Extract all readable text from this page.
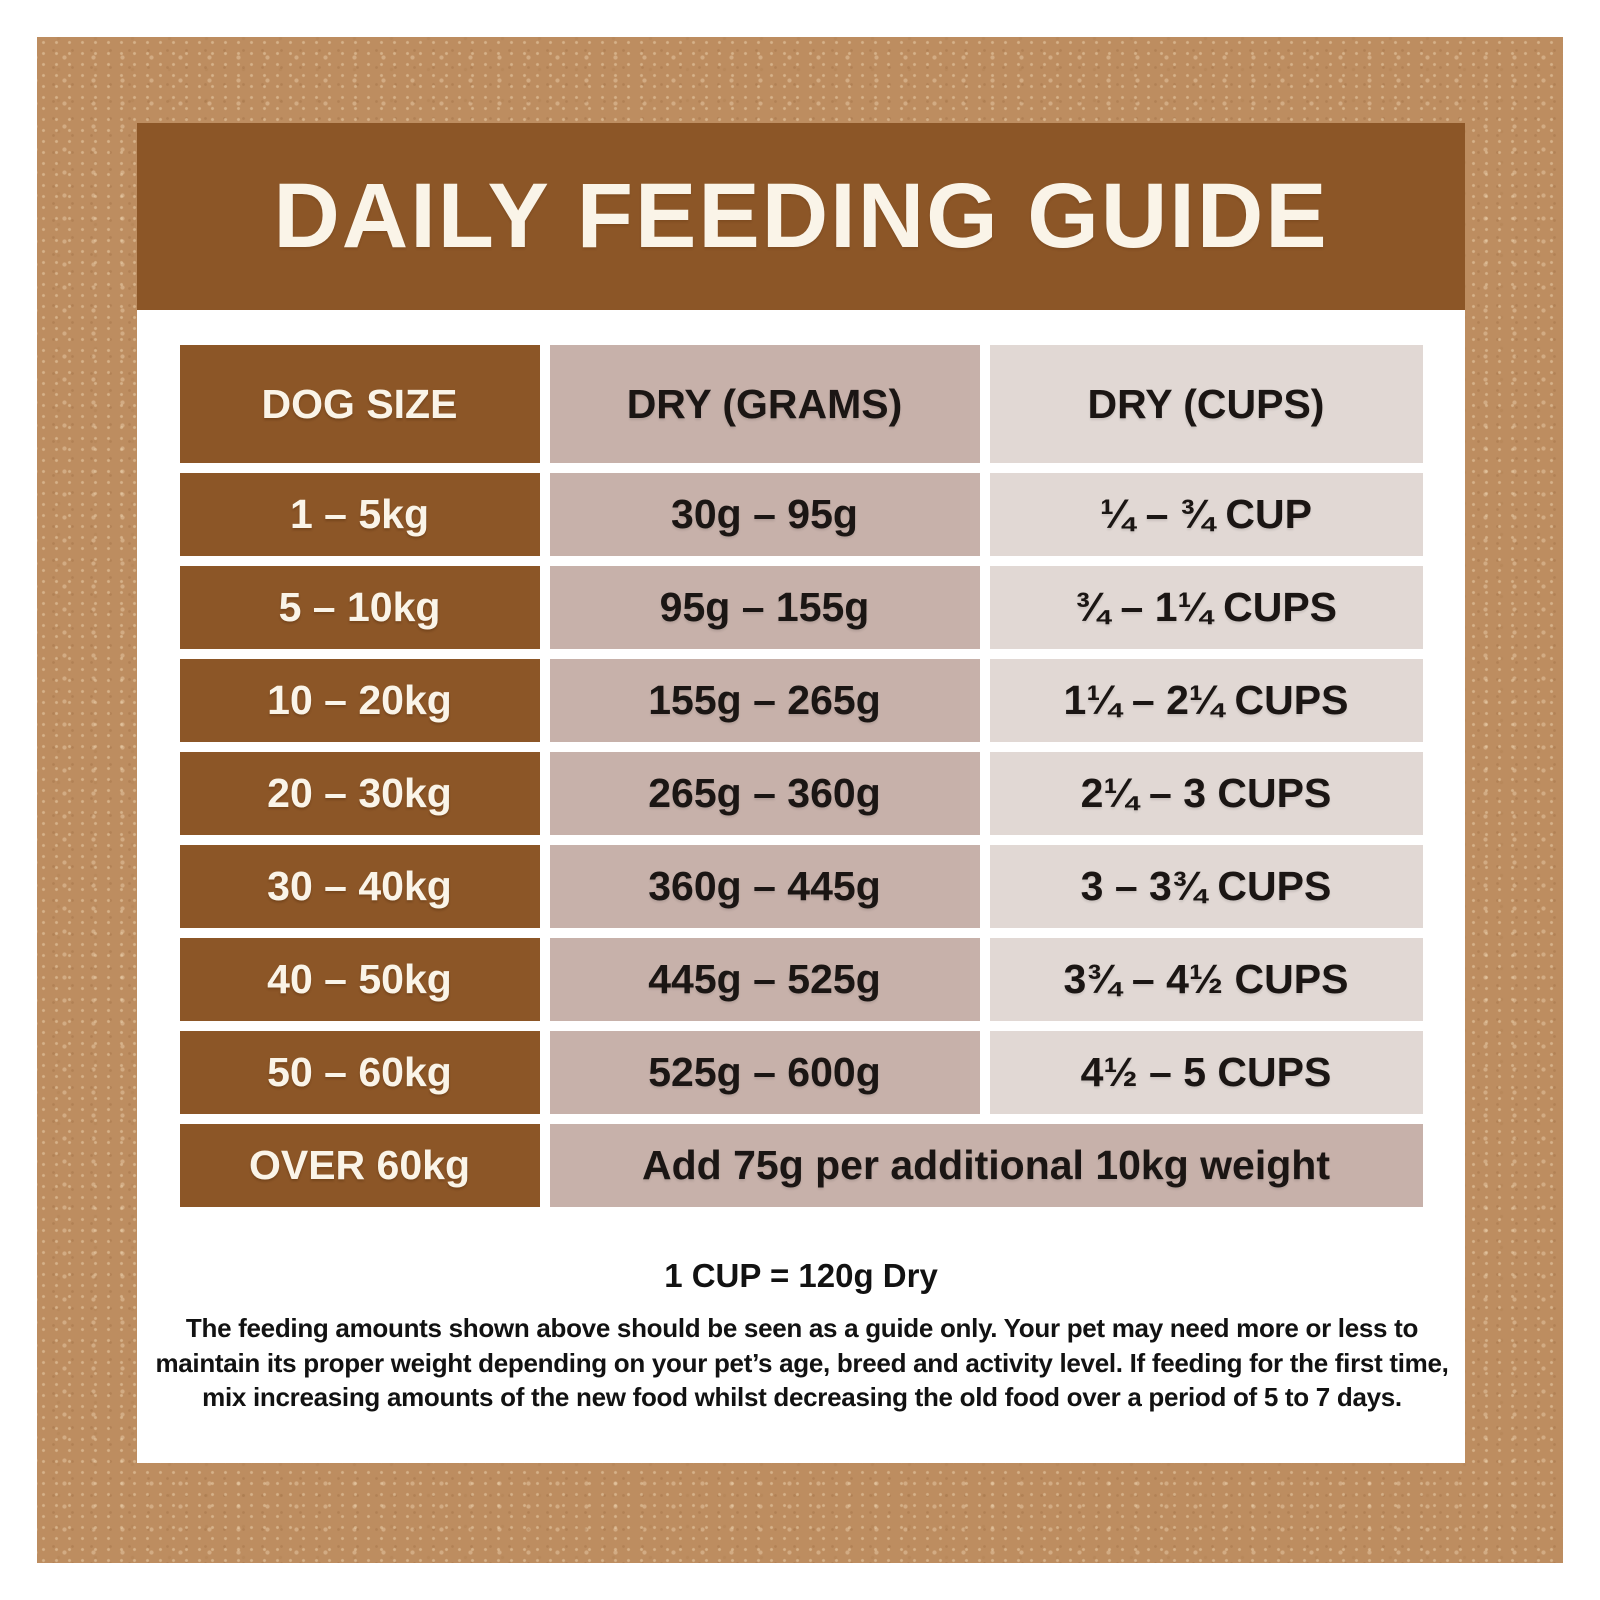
DAILY FEEDING GUIDE
DOG SIZE	DRY (GRAMS)	DRY (CUPS)
1 – 5kg	30g – 95g	¼ – ¾ CUP
5 – 10kg	95g – 155g	¾ – 1¼ CUPS
10 – 20kg	155g – 265g	1¼ – 2¼ CUPS
20 – 30kg	265g – 360g	2¼ – 3 CUPS
30 – 40kg	360g – 445g	3 – 3¾ CUPS
40 – 50kg	445g – 525g	3¾ – 4½ CUPS
50 – 60kg	525g – 600g	4½ – 5 CUPS
OVER 60kg	Add 75g per additional 10kg weight
1 CUP = 120g Dry

The feeding amounts shown above should be seen as a guide only. Your pet may need more or less to maintain its proper weight depending on your pet’s age, breed and activity level. If feeding for the first time, mix increasing amounts of the new food whilst decreasing the old food over a period of 5 to 7 days.
